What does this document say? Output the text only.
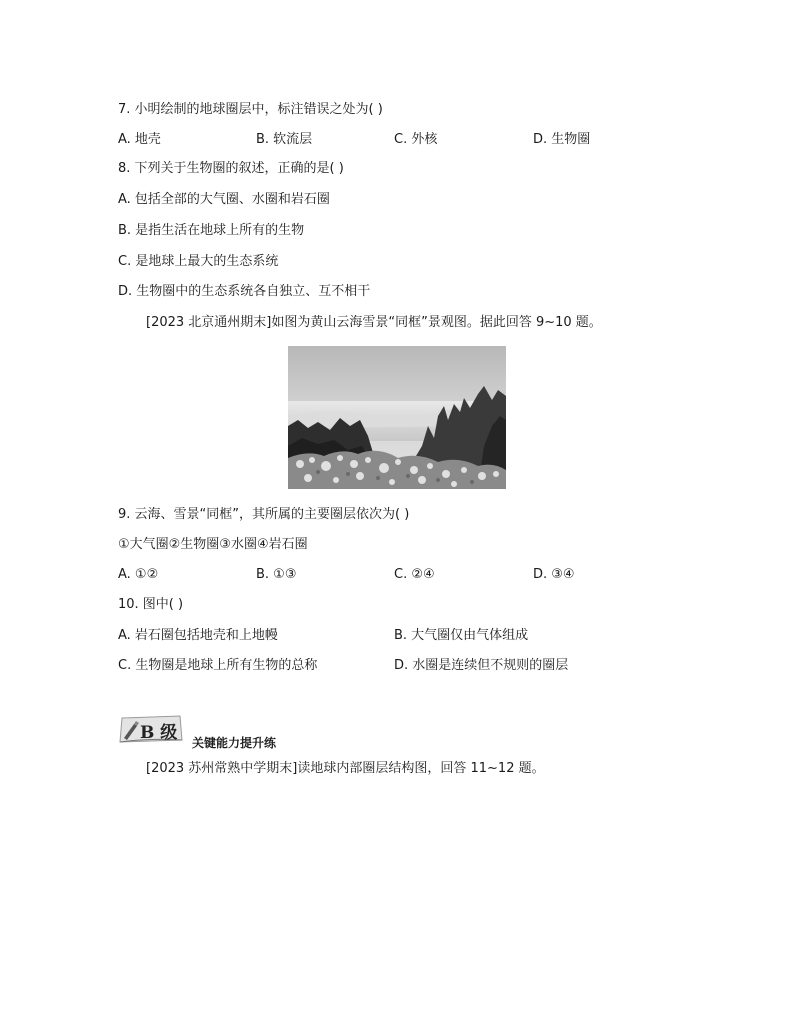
7. 小明绘制的地球圈层中，标注错误之处为( )
A. 地壳	B. 软流层	C. 外核	D. 生物圈
8. 下列关于生物圈的叙述，正确的是( )
A. 包括全部的大气圈、水圈和岩石圈
B. 是指生活在地球上所有的生物
C. 是地球上最大的生态系统
D. 生物圈中的生态系统各自独立、互不相干
[2023 北京通州期末]如图为黄山云海雪景“同框”景观图。据此回答 9~10 题。
9. 云海、雪景“同框”，其所属的主要圈层依次为( )
①大气圈②生物圈③水圈④岩石圈
A. ①②	B. ①③	C. ②④	D. ③④
10. 图中( )
A. 岩石圈包括地壳和上地幔	B. 大气圈仅由气体组成
C. 生物圈是地球上所有生物的总称	D. 水圈是连续但不规则的圈层
B 级 关键能力提升练
[2023 苏州常熟中学期末]读地球内部圈层结构图，回答 11~12 题。
